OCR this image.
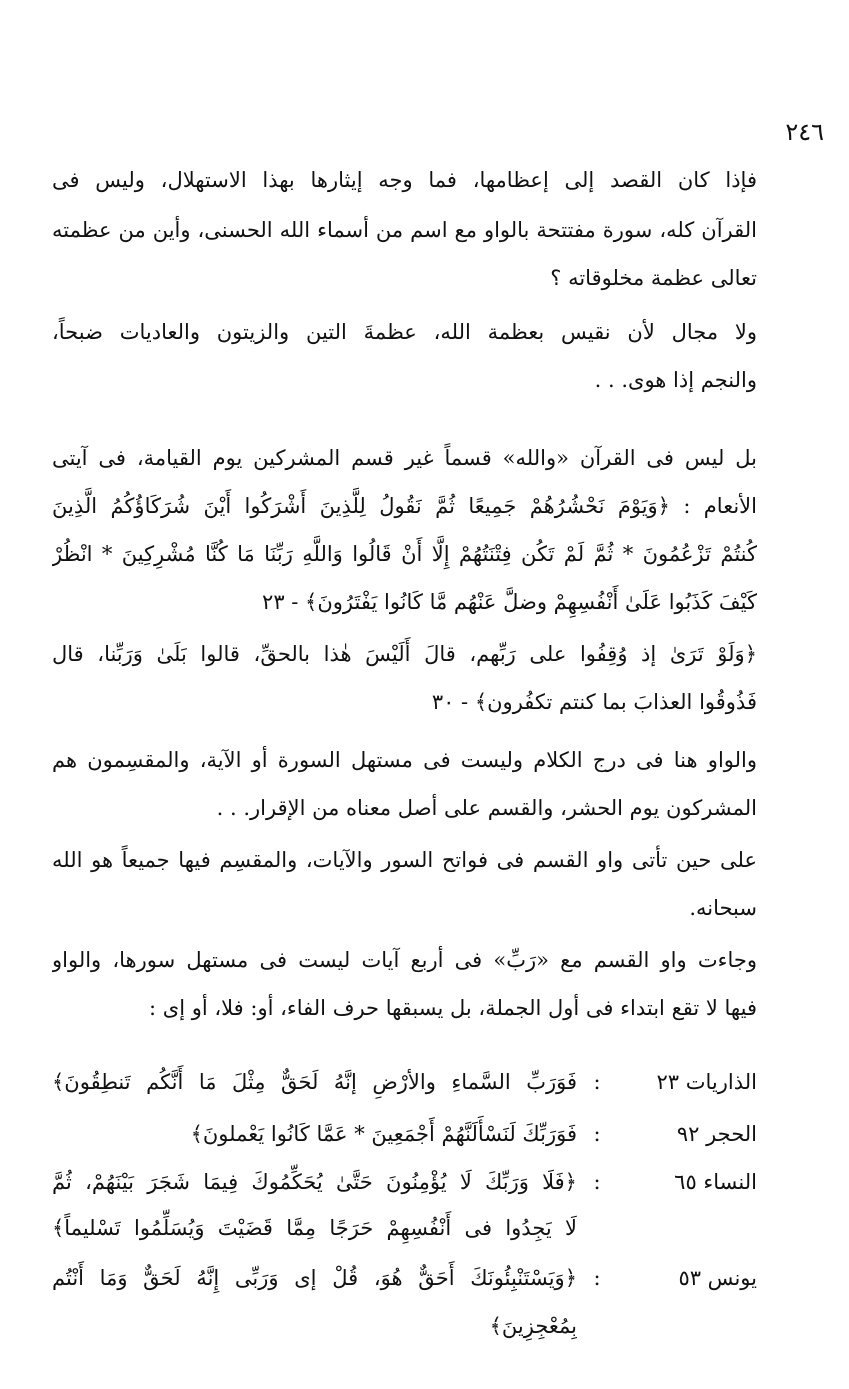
٢٤٦
فإذا كان القصد إلى إعظامها، فما وجه إيثارها بهذا الاستهلال، وليس فى
القرآن كله، سورة مفتتحة بالواو مع اسم من أسماء الله الحسنى، وأين من عظمته
تعالى عظمة مخلوقاته ؟
ولا مجال لأن نقيس بعظمة الله، عظمةَ التين والزيتون والعاديات ضبحاً،
والنجم إذا هوى. . .
بل ليس فى القرآن «والله» قسماً غير قسم المشركين يوم القيامة، فى آيتى
الأنعام : ﴿وَيَوْمَ نَحْشُرُهُمْ جَمِيعًا ثُمَّ نَقُولُ لِلَّذِينَ أَشْرَكُوا أَيْنَ شُرَكَاؤُكُمُ الَّذِينَ
كُنتُمْ تَزْعُمُونَ * ثُمَّ لَمْ تَكُن فِتْنَتُهُمْ إِلَّا أَنْ قَالُوا وَاللَّهِ رَبِّنَا مَا كُنَّا مُشْرِكِينَ * انْظُرْ
كَيْفَ كَذَبُوا عَلَىٰ أَنْفُسِهِمْ وضلَّ عَنْهُم مَّا كَانُوا يَفْتَرُونَ﴾ - ٢٣
﴿وَلَوْ تَرَىٰ إذ وُقِفُوا على رَبِّهم، قالَ أَلَيْسَ هٰذا بالحقِّ، قالوا بَلَىٰ وَرَبِّنا، قال
فَذُوقُوا العذابَ بما كنتم تكفُرون﴾ - ٣٠
والواو هنا فى درج الكلام وليست فى مستهل السورة أو الآية، والمقسِمون هم
المشركون يوم الحشر، والقسم على أصل معناه من الإقرار. . .
على حين تأتى واو القسم فى فواتح السور والآيات، والمقسِم فيها جميعاً هو الله
سبحانه.
وجاءت واو القسم مع «رَبِّ» فى أربع آيات ليست فى مستهل سورها، والواو
فيها لا تقع ابتداء فى أول الجملة، بل يسبقها حرف الفاء، أو: فلا، أو إى :
الذاريات ٢٣
:
فَوَرَبِّ السَّماءِ والأرْضِ إنَّهُ لَحَقٌّ مِثْلَ مَا أَنَّكُم تَنطِقُونَ﴾
الحجر ٩٢
:
فَوَرَبِّكَ لَنَسْأَلَنَّهُمْ أَجْمَعِينَ * عَمَّا كَانُوا يَعْملونَ﴾
النساء ٦٥
:
﴿فَلَا وَرَبِّكَ لَا يُؤْمِنُونَ حَتَّىٰ يُحَكِّمُوكَ فِيمَا شَجَرَ بَيْنَهُمْ، ثُمَّ
لَا يَجِدُوا فى أَنْفُسِهِمْ حَرَجًا مِمَّا قَضَيْتَ وَيُسَلِّمُوا تَسْليماً﴾
يونس ٥٣
:
﴿وَيَسْتَنْبِئُونَكَ أَحَقٌّ هُوَ، قُلْ إى وَرَبِّى إِنَّهُ لَحَقٌّ وَمَا أَنْتُم
بِمُعْجِزِينَ﴾
